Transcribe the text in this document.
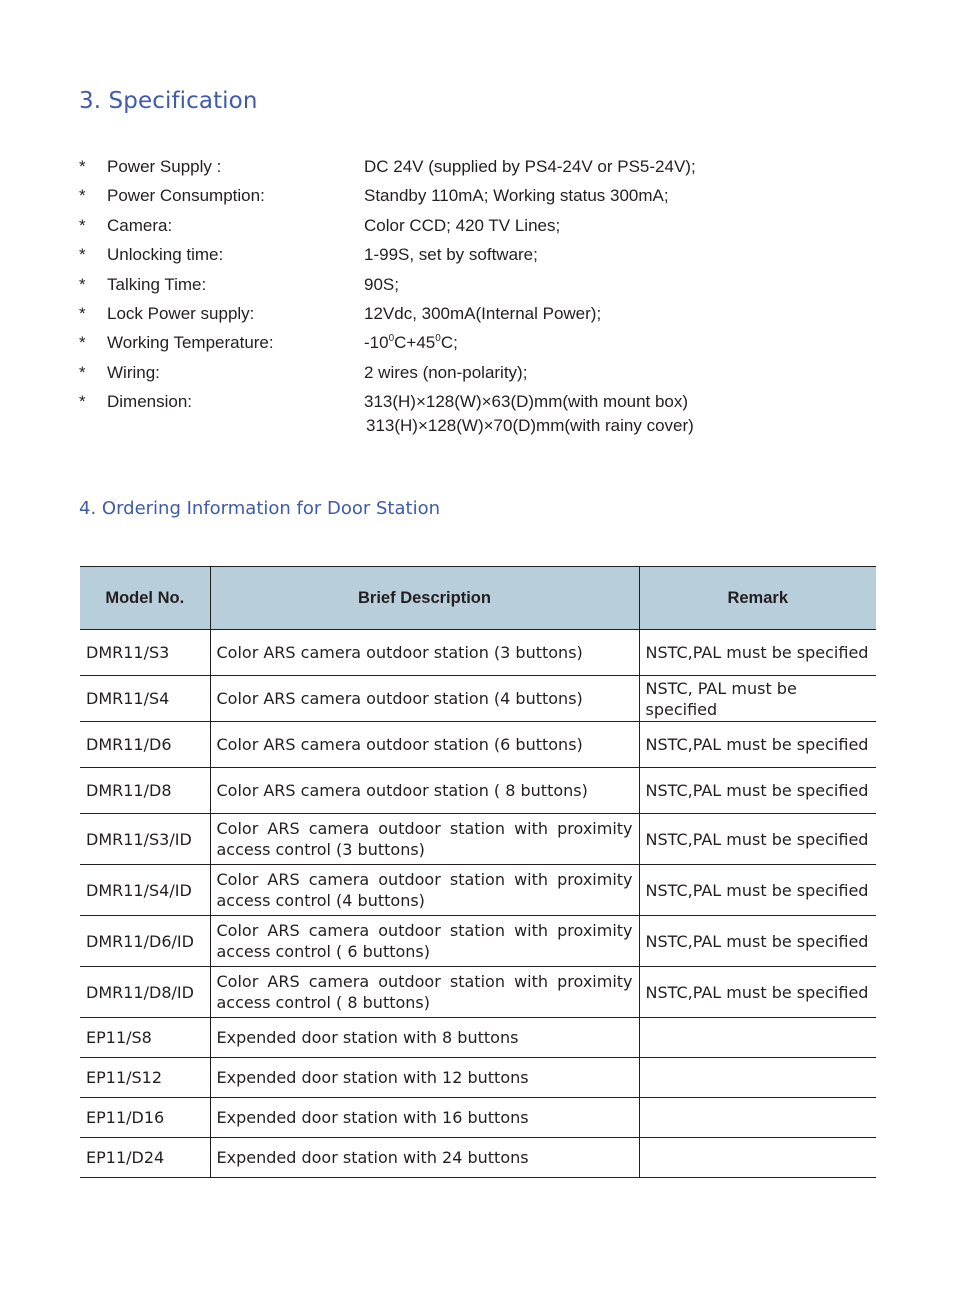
3. Specification
* Power Supply :	DC 24V (supplied by PS4-24V or PS5-24V);
* Power Consumption:	Standby 110mA; Working status 300mA;
* Camera:	Color CCD; 420 TV Lines;
* Unlocking time:	1-99S, set by software;
* Talking Time:	90S;
* Lock Power supply:	12Vdc, 300mA(Internal Power);
* Working Temperature:	$-10^0C+45^0C$;
* Wiring:	2 wires (non-polarity);
* Dimension:	313(H)×128(W)×63(D)mm(with mount box)
313(H)×128(W)×70(D)mm(with rainy cover)
4. Ordering Information for Door Station
Model No.	Brief Description	Remark
DMR11/S3	Color ARS camera outdoor station (3 buttons)	NSTC,PAL must be specified
DMR11/S4	Color ARS camera outdoor station (4 buttons)	NSTC, PAL must be specified
DMR11/D6	Color ARS camera outdoor station (6 buttons)	NSTC,PAL must be specified
DMR11/D8	Color ARS camera outdoor station ( 8 buttons)	NSTC,PAL must be specified
DMR11/S3/ID	Color ARS camera outdoor station with proximity access control (3 buttons)	NSTC,PAL must be specified
DMR11/S4/ID	Color ARS camera outdoor station with proximity access control (4 buttons)	NSTC,PAL must be specified
DMR11/D6/ID	Color ARS camera outdoor station with proximity access control ( 6 buttons)	NSTC,PAL must be specified
DMR11/D8/ID	Color ARS camera outdoor station with proximity access control ( 8 buttons)	NSTC,PAL must be specified
EP11/S8	Expended door station with 8 buttons	
EP11/S12	Expended door station with 12 buttons	
EP11/D16	Expended door station with 16 buttons	
EP11/D24	Expended door station with 24 buttons	
